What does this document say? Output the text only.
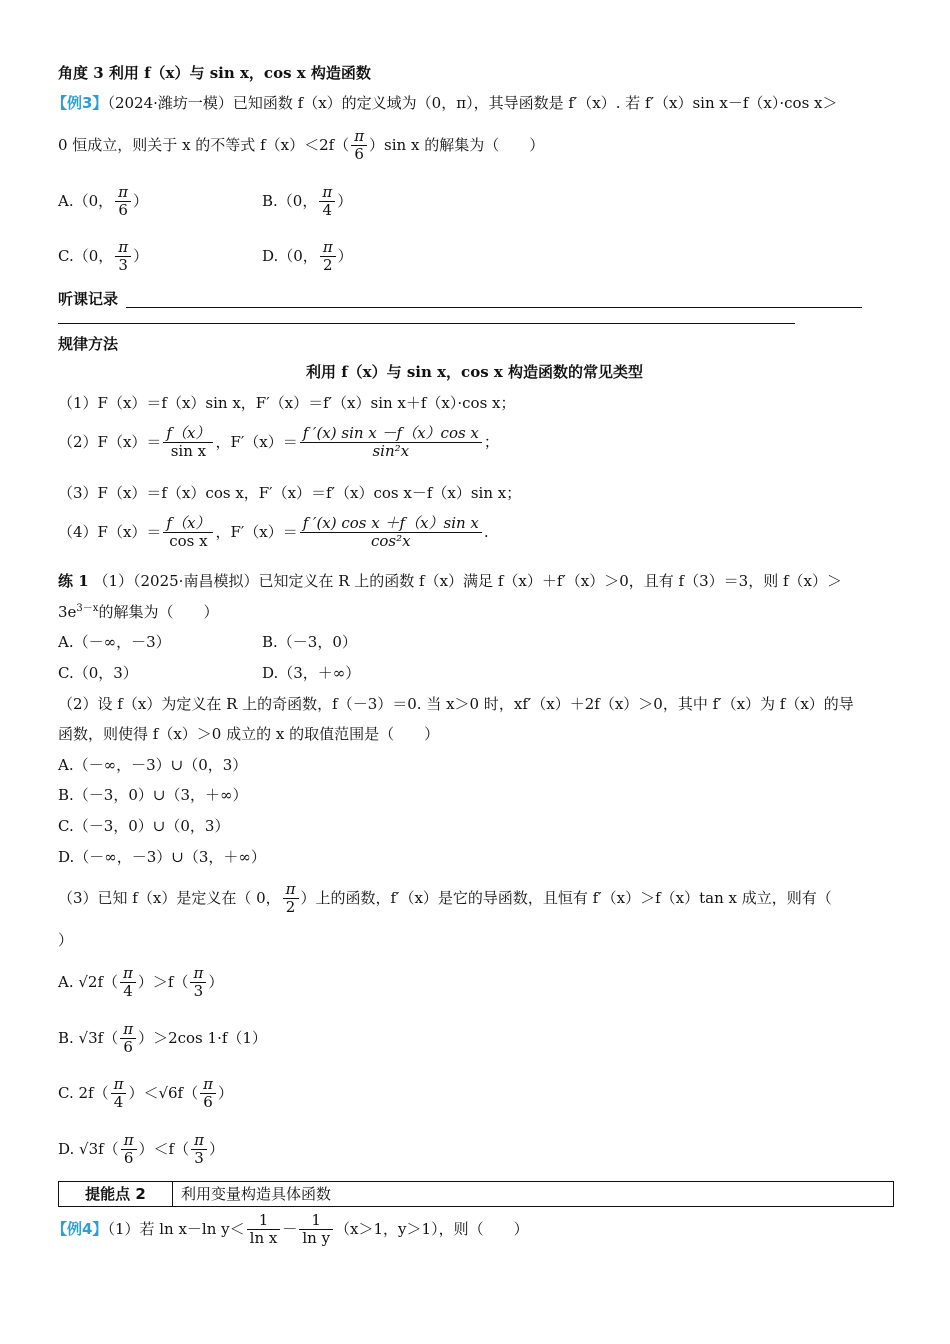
角度 3 利用 f（x）与 sin x，cos x 构造函数
【例3】（2024·潍坊一模）已知函数 f（x）的定义域为（0，π），其导函数是 f′（x）. 若 f′（x）sin x－f（x）·cos x＞
0 恒成立，则关于 x 的不等式 $f(x)<2f( \frac{\pi}{6} )\sin$ x 的解集为（　　）
A.（0， $\frac{\pi}{6}$ ）	B.（0， $\frac{\pi}{4}$ ）
C.（0， $\frac{\pi}{3}$ ）	D.（0， $\frac{\pi}{2}$ ）
听课记录
规律方法
利用 f（x）与 sin x，cos x 构造函数的常见类型
（1）F（x）＝f（x）sin x，F′（x）＝f′（x）sin x＋f（x）·cos x；
$(2)F(x)= \frac{f(x)}{\text{sin x}}$ ，$F'(x)= \frac{\text{f ′(x) sin x －f（x）cos x}}{\text{sin²x}}$ ；
（3）F（x）＝f（x）cos x，F′（x）＝f′（x）cos x－f（x）sin x；
$(4)F(x)= \frac{f(x)}{\text{cos x}}$ ，$F'(x)= \frac{\text{f ′(x) cos x ＋f（x）sin x}}{\text{cos²x}}$ .
练 1 （1）（2025·南昌模拟）已知定义在 R 上的函数 f（x）满足 f（x）＋f′（x）＞0，且有 f（3）＝3，则 f（x）＞
$3e^{3-x}$的解集为（　　）
A.（－∞，－3）	B.（－3，0）
C.（0，3）	D.（3，＋∞）
（2）设 f（x）为定义在 R 上的奇函数，f（－3）＝0. 当 x＞0 时，xf′（x）＋2f（x）＞0，其中 f′（x）为 f（x）的导
函数，则使得 f（x）＞0 成立的 x 的取值范围是（　　）
A.（－∞，－3）∪（0，3）
B.（－3，0）∪（3，＋∞）
C.（－3，0）∪（0，3）
D.（－∞，－3）∪（3，＋∞）
（3）已知 f（x）是定义在（ 0， $\frac{\pi}{2}$ ）上的函数，f′（x）是它的导函数，且恒有 f′（x）＞f（x）tan x 成立，则有（
）
A. $√2f( \frac{\pi}{4} )>f( \frac{\pi}{3}$ ）
B. $√3f( \frac{\pi}{6} )>2\cos$ 1·f（1）
C. $2f( \frac{\pi}{4} )<√6f( \frac{\pi}{6}$ ）
D. $√3f( \frac{\pi}{6} )<f( \frac{\pi}{3}$ ）
提能点 2	利用变量构造具体函数
【例4】（1）若 ln x－ln $y< \frac{1}{\text{ln x}} - \frac{1}{\text{ln y}} (x>1$，y＞1），则（　　）
